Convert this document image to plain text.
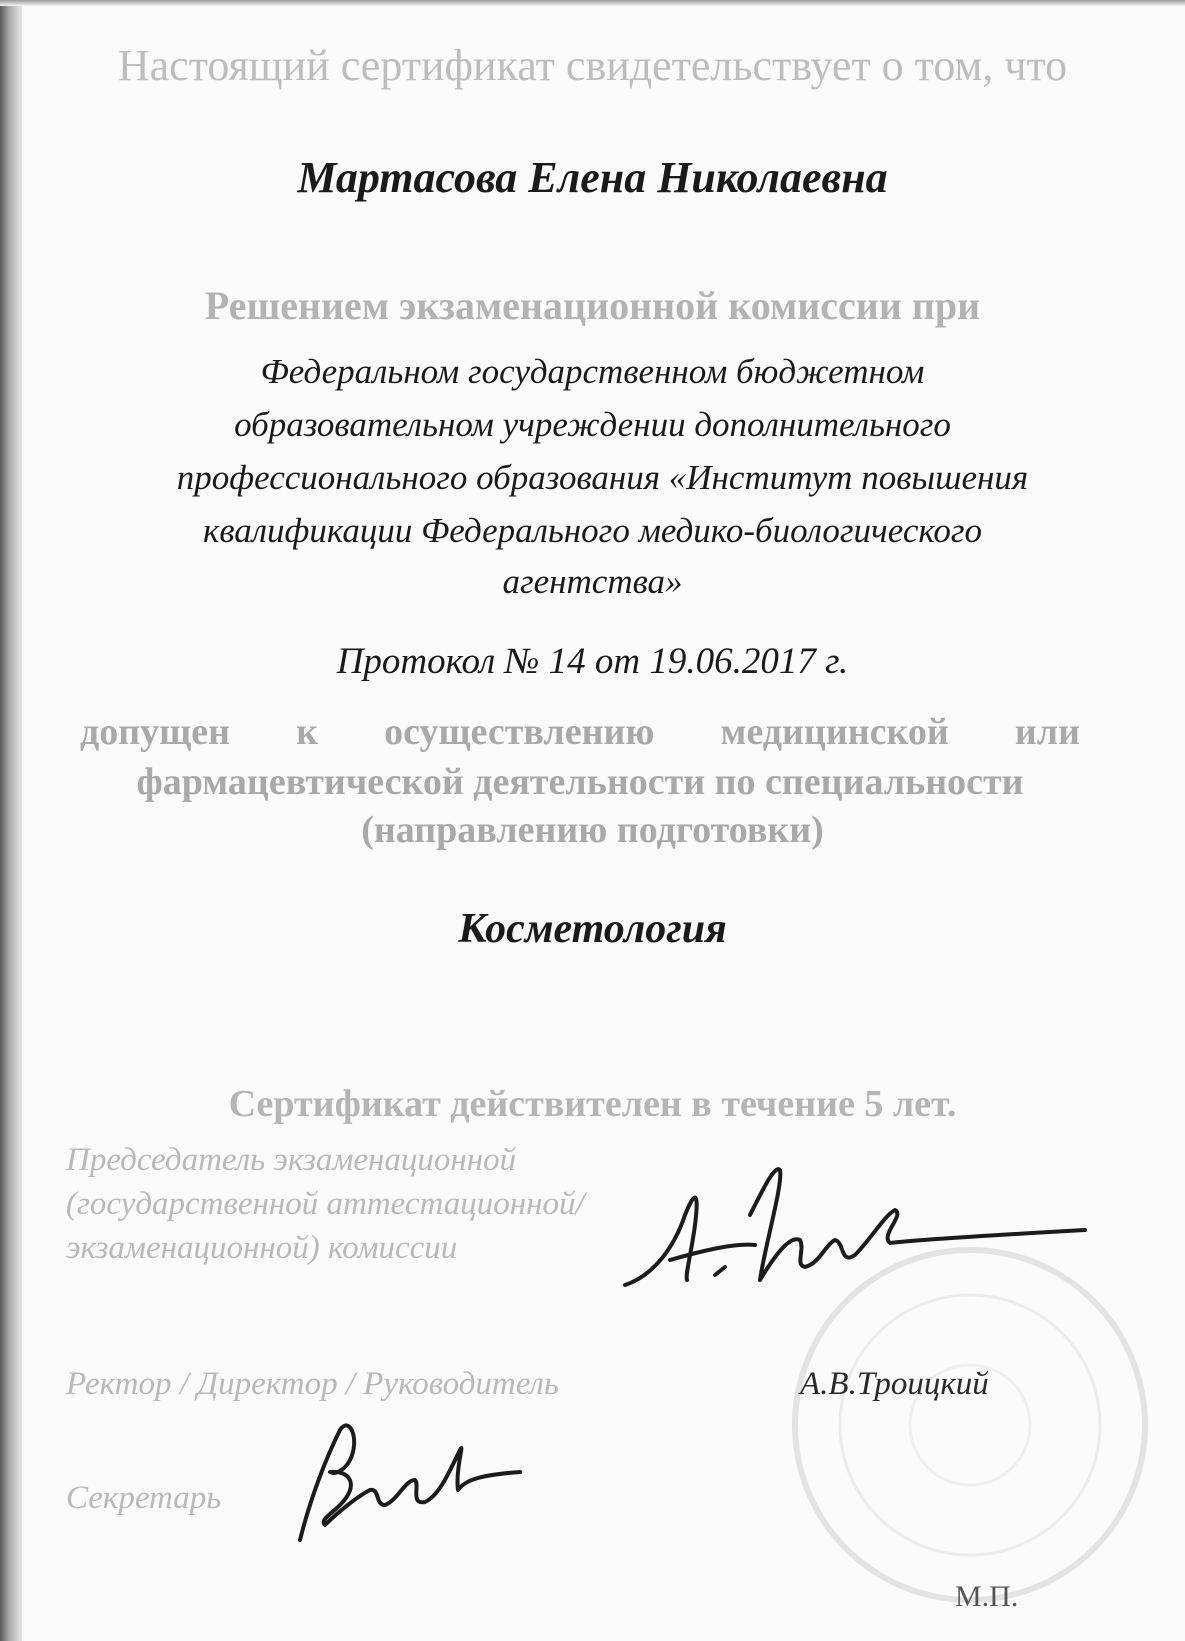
Настоящий сертификат свидетельствует о том, что
Мартасова Елена Николаевна
Решением экзаменационной комиссии при
Федеральном государственном бюджетном
образовательном учреждении дополнительного
профессионального образования «Институт повышения
квалификации Федерального медико-биологического
агентства»
Протокол № 14 от 19.06.2017 г.
допущен к осуществлению медицинской или
фармацевтической деятельности по специальности
(направлению подготовки)
Косметология
Сертификат действителен в течение 5 лет.
Председатель экзаменационной
(государственной аттестационной/
экзаменационной) комиссии
Ректор / Директор / Руководитель	А.В.Троицкий
Секретарь
М.П.
